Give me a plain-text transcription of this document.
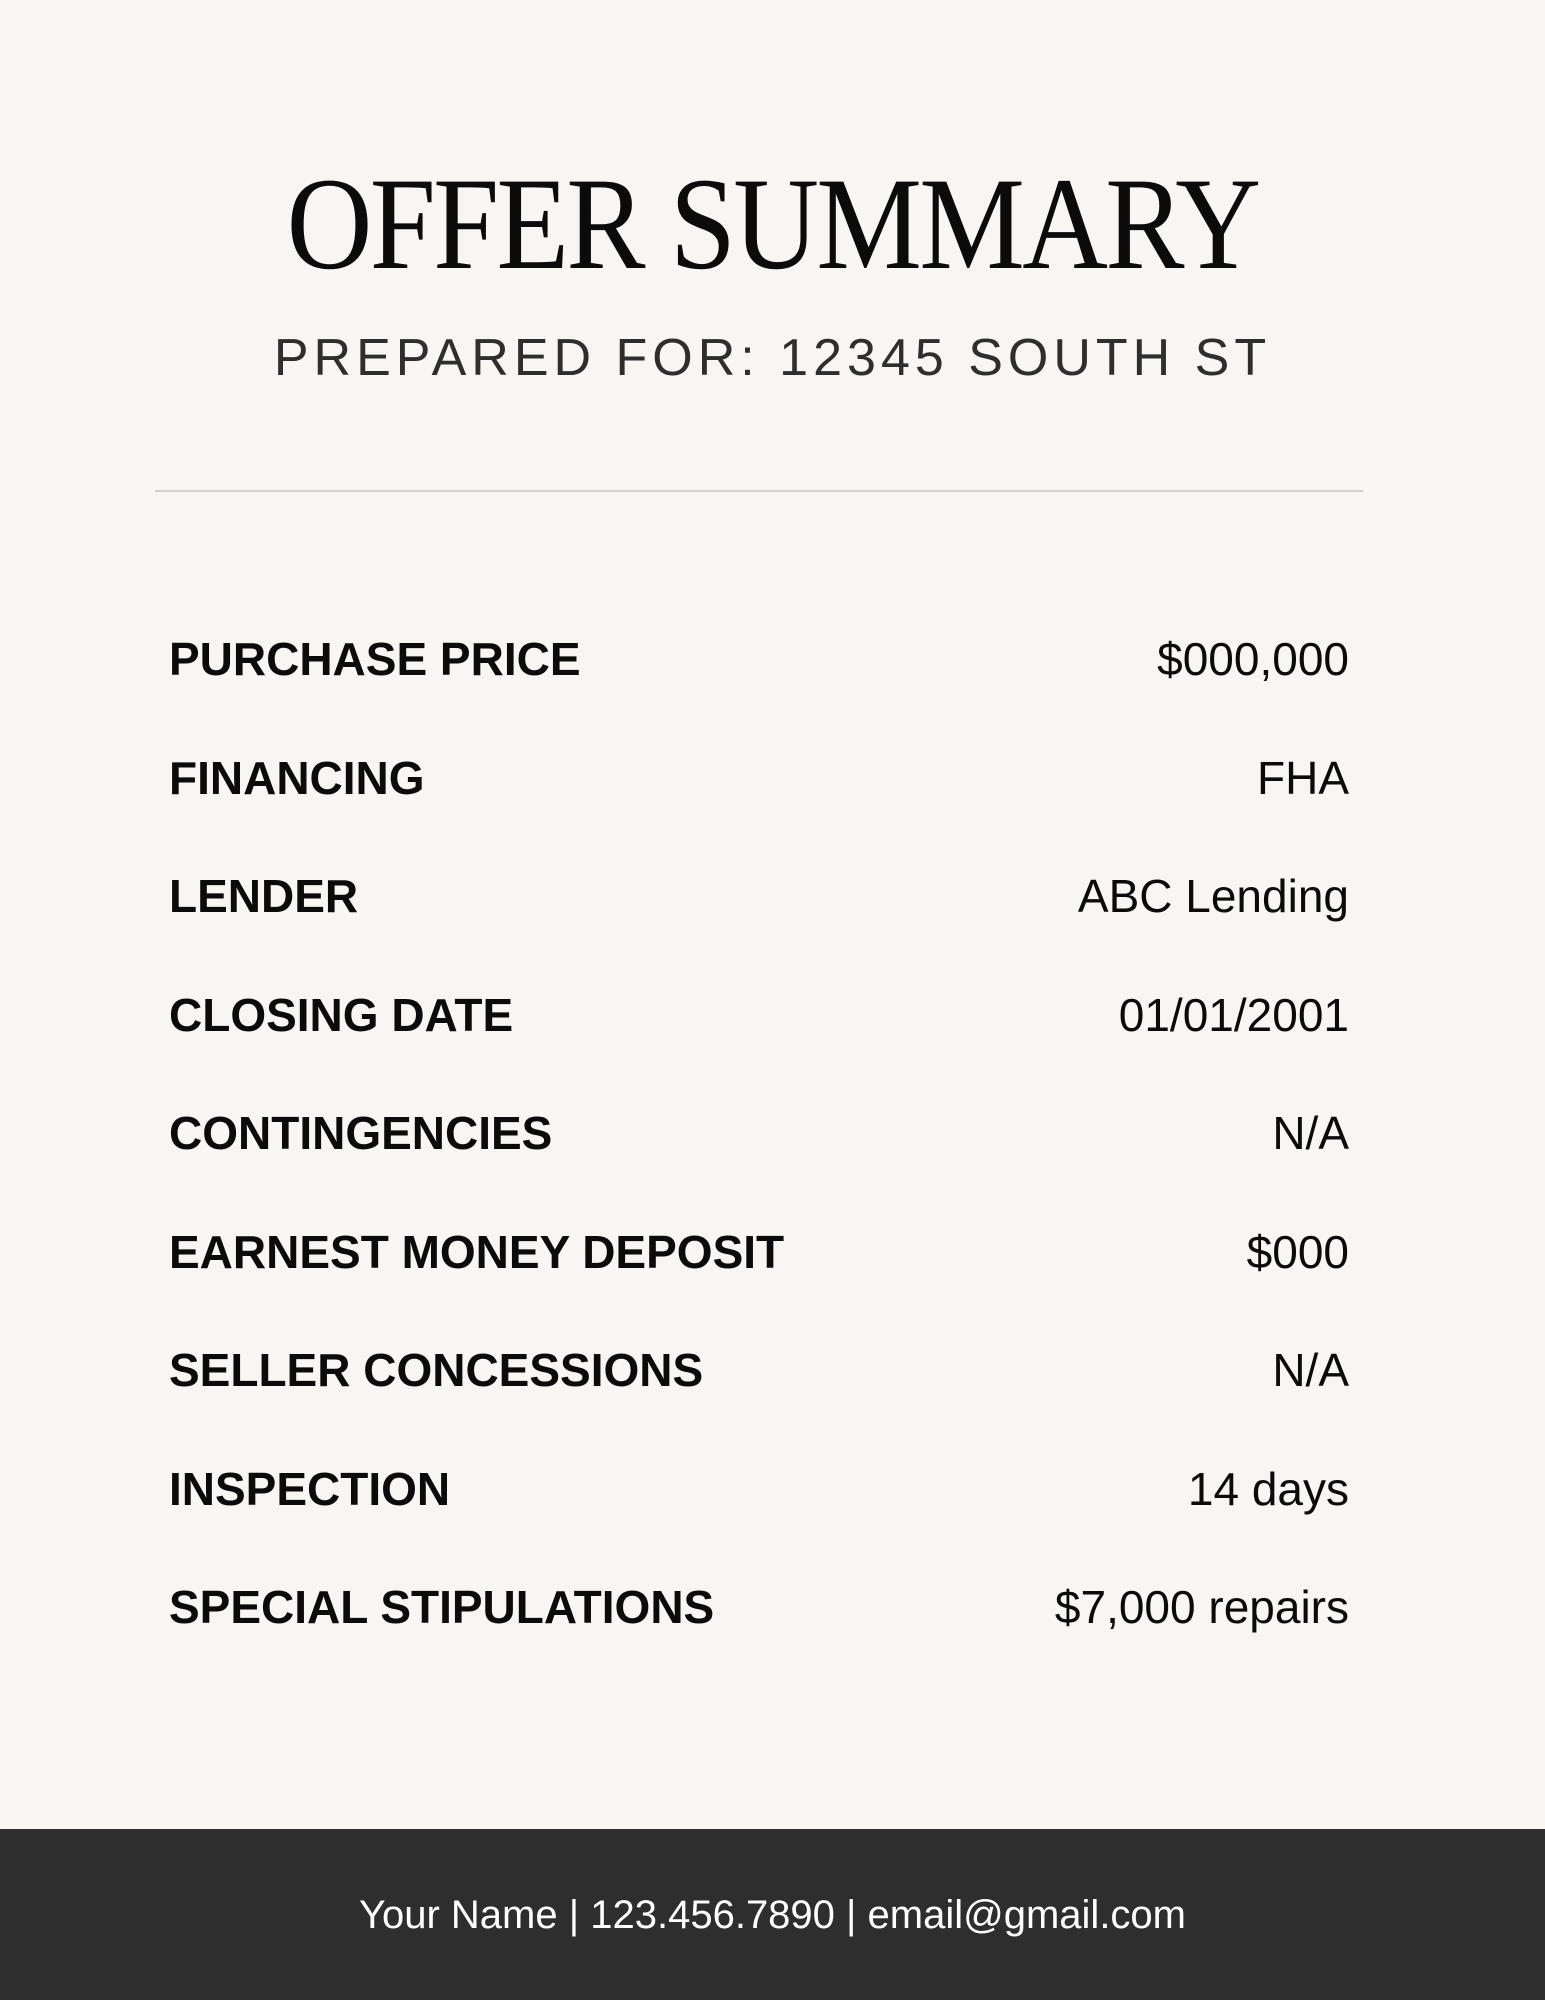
OFFER SUMMARY
PREPARED FOR: 12345 SOUTH ST
PURCHASE PRICE	$000,000
FINANCING	FHA
LENDER	ABC Lending
CLOSING DATE	01/01/2001
CONTINGENCIES	N/A
EARNEST MONEY DEPOSIT	$000
SELLER CONCESSIONS	N/A
INSPECTION	14 days
SPECIAL STIPULATIONS	$7,000 repairs
Your Name | 123.456.7890 | email@gmail.com
